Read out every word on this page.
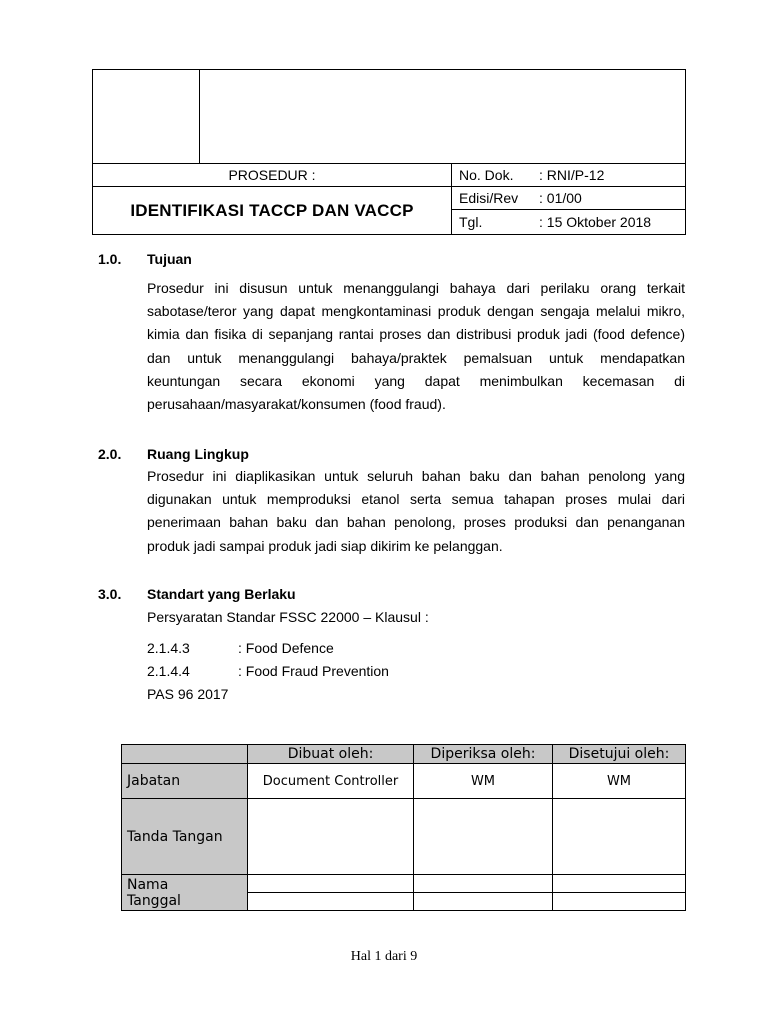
PROSEDUR :		No. Dok. : RNI/P-12

IDENTIFIKASI TACCP DAN VACCP		Edisi/Rev : 01/00

		Tgl. : 15 Oktober 2018
1.0. Tujuan
Prosedur ini disusun untuk menanggulangi bahaya dari perilaku orang terkait
sabotase/teror yang dapat mengkontaminasi produk dengan sengaja melalui mikro,
kimia dan fisika di sepanjang rantai proses dan distribusi produk jadi (food defence)
dan untuk menanggulangi bahaya/praktek pemalsuan untuk mendapatkan
keuntungan secara ekonomi yang dapat menimbulkan kecemasan di
perusahaan/masyarakat/konsumen (food fraud).
2.0. Ruang Lingkup
Prosedur ini diaplikasikan untuk seluruh bahan baku dan bahan penolong yang
digunakan untuk memproduksi etanol serta semua tahapan proses mulai dari
penerimaan bahan baku dan bahan penolong, proses produksi dan penanganan
produk jadi sampai produk jadi siap dikirim ke pelanggan.
3.0. Standart yang Berlaku
Persyaratan Standar FSSC 22000 – Klausul :
2.1.4.3	: Food Defence
2.1.4.4	: Food Fraud Prevention
PAS 96 2017
	Dibuat oleh:	Diperiksa oleh:	Disetujui oleh:
Jabatan	Document Controller	WM	WM
Tanda Tangan			
Nama			
Tanggal			
Hal 1 dari 9
